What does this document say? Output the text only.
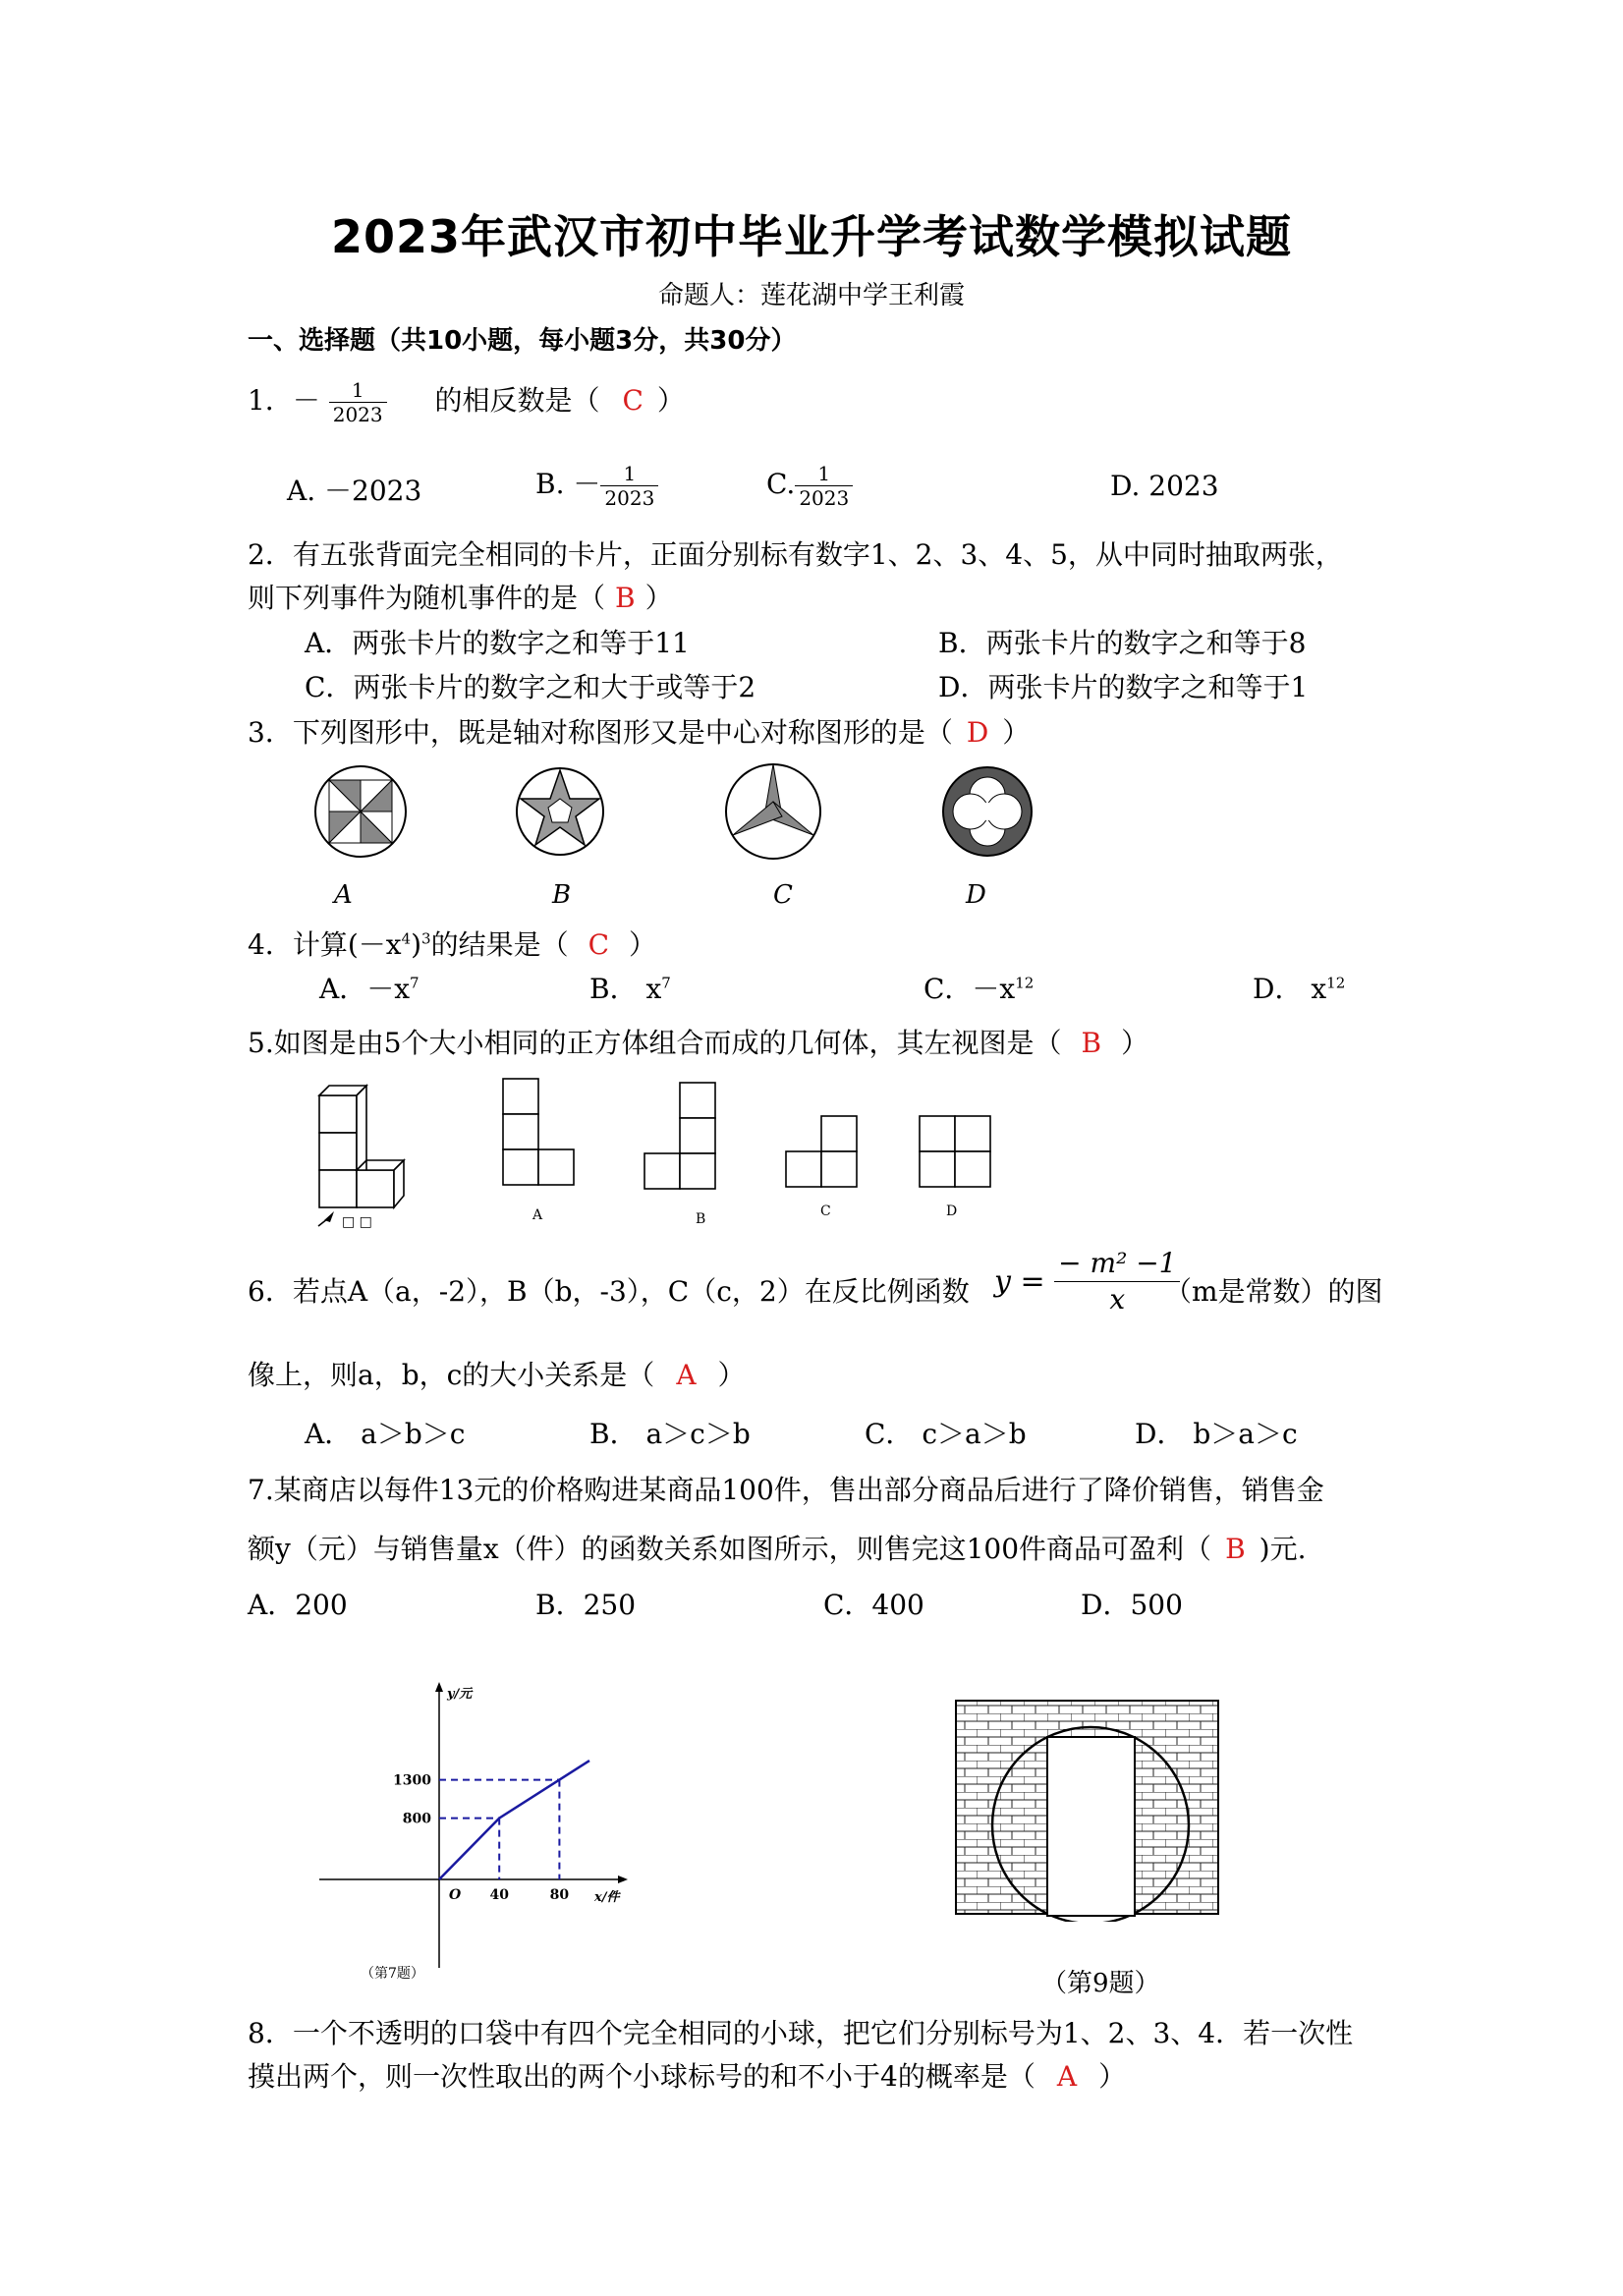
2023年武汉市初中毕业升学考试数学模拟试题
命题人：莲花湖中学王利霞
一、选择题（共10小题，每小题3分，共30分）
1．－ $\frac{1}{2023}$ 的相反数是（ C ）
A. －2023	B. － $\frac{1}{2023}$	C. $\frac{1}{2023}$	D. 2023
2．有五张背面完全相同的卡片，正面分别标有数字1、2、3、4、5，从中同时抽取两张，
则下列事件为随机事件的是（ B ）
A．两张卡片的数字之和等于11	B．两张卡片的数字之和等于8
C．两张卡片的数字之和大于或等于2	D．两张卡片的数字之和等于1
3．下列图形中，既是轴对称图形又是中心对称图形的是（ D ）
A	B	C	D
4．计算$(-x^4)^3$的结果是（ C ）
A．$-x^7$	B． $x^7$	C．$-x^{12}$	D． $x^{12}$
5.如图是由5个大小相同的正方体组合而成的几何体，其左视图是（ B ）
□ □	A	B	C	D
6．若点A（a，-2），B（b，-3），C（c，2）在反比例函数 $y = \frac{\text{− m² −1}}{x}$
（m是常数）的图
像上，则a，b，c的大小关系是（ A ）
A． a＞b＞c	B． a＞c＞b	C． c＞a＞b	D． b＞a＞c
7.某商店以每件13元的价格购进某商品100件，售出部分商品后进行了降价销售，销售金
额y（元）与销售量x（件）的函数关系如图所示，则售完这100件商品可盈利（ B )元.
A．200	B．250	C．400	D．500
1300
800
40	80
O
y/元
x/件
（第7题）	（第9题）
8．一个不透明的口袋中有四个完全相同的小球，把它们分别标号为1、2、3、4．若一次性
摸出两个，则一次性取出的两个小球标号的和不小于4的概率是（ A ）
